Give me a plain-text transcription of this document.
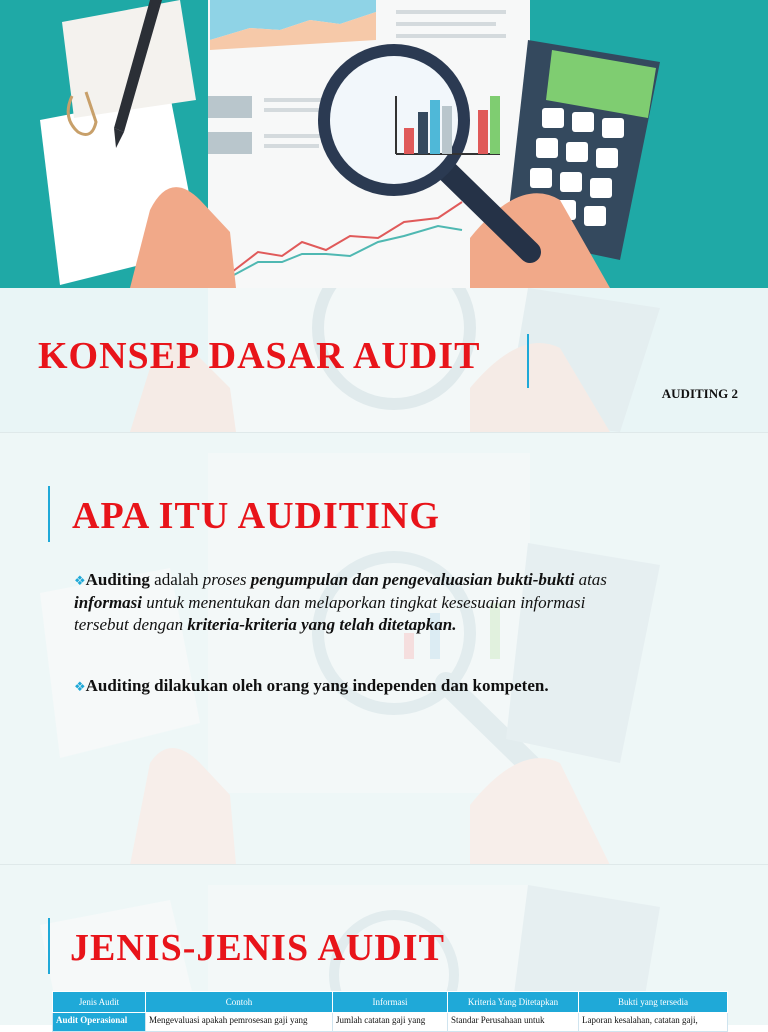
KONSEP DASAR AUDIT
AUDITING 2
APA ITU AUDITING
❖Auditing adalah proses pengumpulan dan pengevaluasian bukti-bukti atas
informasi untuk menentukan dan melaporkan tingkat kesesuaian informasi
tersebut dengan kriteria-kriteria yang telah ditetapkan.
❖Auditing dilakukan oleh orang yang independen dan kompeten.
JENIS-JENIS AUDIT
Jenis Audit	Contoh	Informasi	Kriteria Yang Ditetapkan	Bukti yang tersedia
Audit Operasional	Mengevaluasi apakah pemrosesan gaji yang	Jumlah catatan gaji yang	Standar Perusahaan untuk	Laporan kesalahan, catatan gaji,
